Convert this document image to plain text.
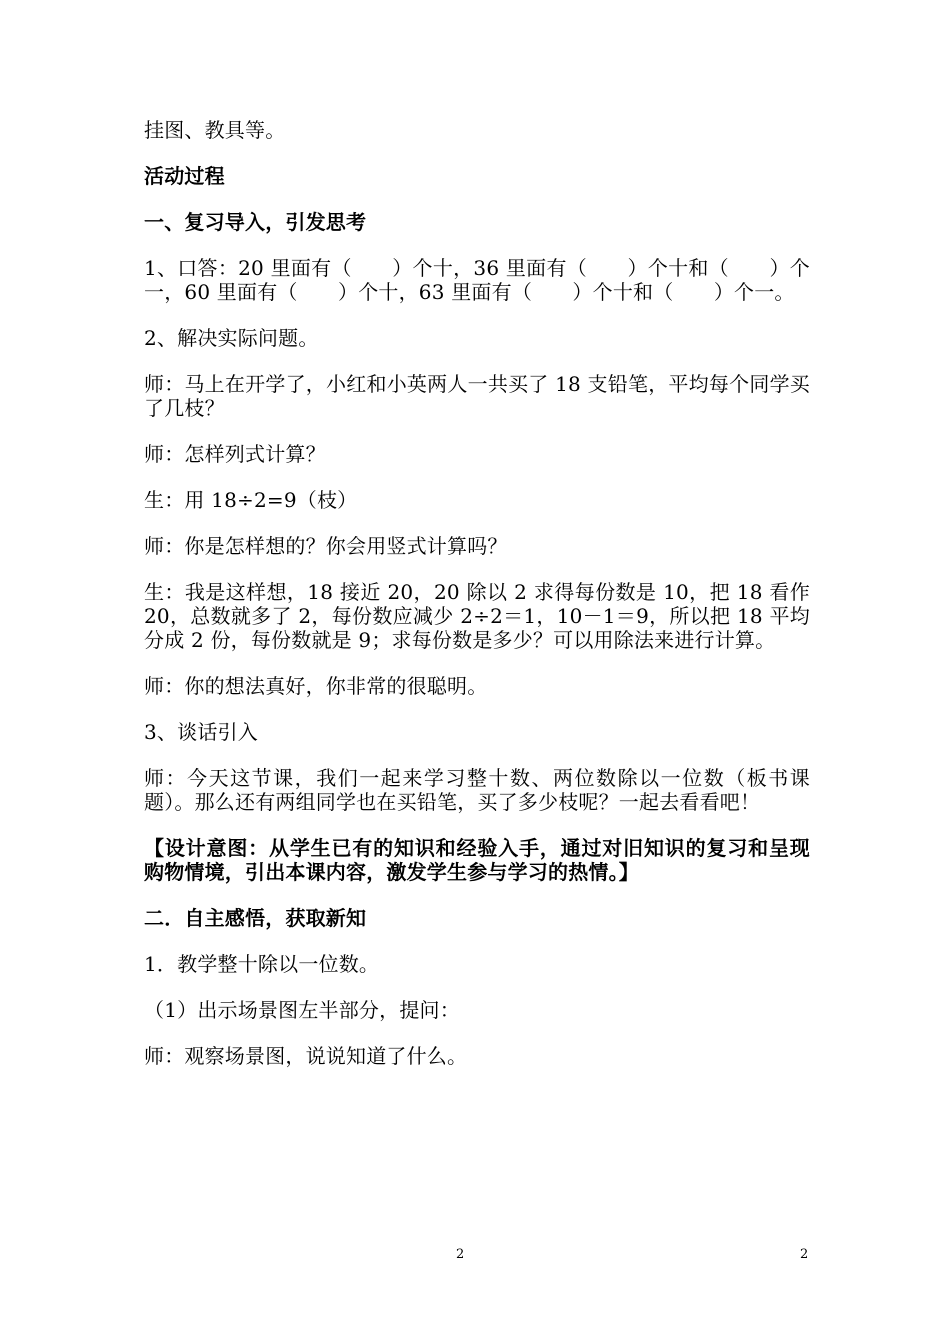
挂图、教具等。

活动过程

一、复习导入，引发思考

1、口答：20 里面有（　　）个十，36 里面有（　　）个十和（　　）个一，60 里面有（　　）个十，63 里面有（　　）个十和（　　）个一。

2、解决实际问题。

师：马上在开学了，小红和小英两人一共买了 18 支铅笔，平均每个同学买了几枝？

师：怎样列式计算？

生：用 18÷2=9（枝）

师：你是怎样想的？你会用竖式计算吗？

生：我是这样想，18 接近 20，20 除以 2 求得每份数是 10，把 18 看作 20，总数就多了 2，每份数应减少 2÷2＝1，10－1＝9，所以把 18 平均分成 2 份，每份数就是 9；求每份数是多少？可以用除法来进行计算。

师：你的想法真好，你非常的很聪明。

3、谈话引入

师：今天这节课，我们一起来学习整十数、两位数除以一位数（板书课题）。那么还有两组同学也在买铅笔，买了多少枝呢？一起去看看吧！

【设计意图：从学生已有的知识和经验入手，通过对旧知识的复习和呈现购物情境，引出本课内容，激发学生参与学习的热情。】

二．自主感悟，获取新知

1．教学整十除以一位数。

（1）出示场景图左半部分，提问：

师：观察场景图，说说知道了什么。

2	2
